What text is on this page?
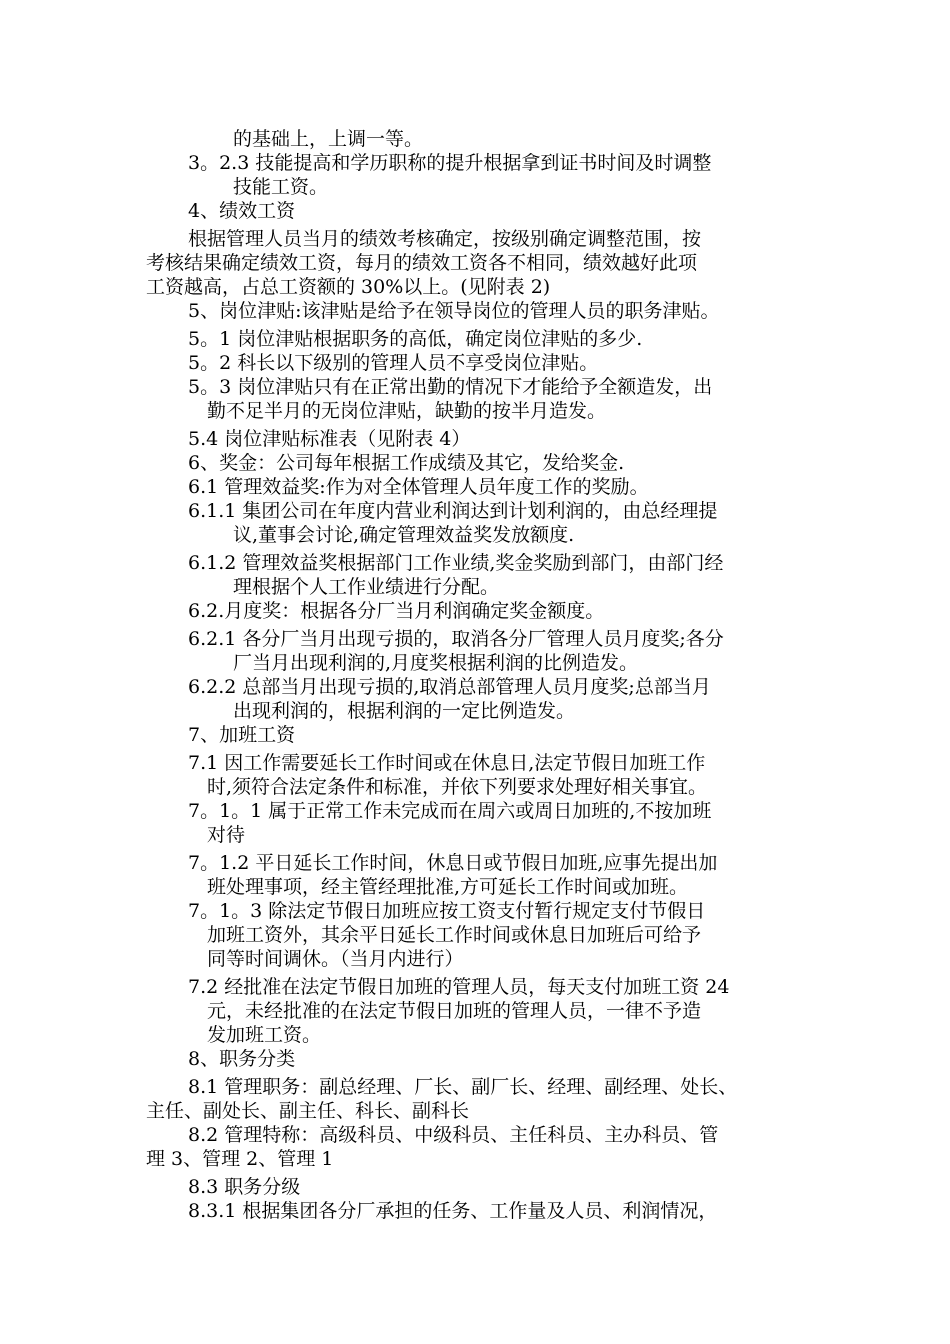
的基础上，上调一等。
3。2.3 技能提高和学历职称的提升根据拿到证书时间及时调整
技能工资。
4、绩效工资
根据管理人员当月的绩效考核确定，按级别确定调整范围，按
考核结果确定绩效工资，每月的绩效工资各不相同，绩效越好此项
工资越高，占总工资额的 30%以上。(见附表 2)
5、岗位津贴:该津贴是给予在领导岗位的管理人员的职务津贴。
5。1 岗位津贴根据职务的高低，确定岗位津贴的多少.
5。2 科长以下级别的管理人员不享受岗位津贴。
5。3 岗位津贴只有在正常出勤的情况下才能给予全额造发，出
勤不足半月的无岗位津贴，缺勤的按半月造发。
5.4 岗位津贴标准表（见附表 4）
6、奖金：公司每年根据工作成绩及其它，发给奖金.
6.1 管理效益奖:作为对全体管理人员年度工作的奖励。
6.1.1 集团公司在年度内营业利润达到计划利润的，由总经理提
议,董事会讨论,确定管理效益奖发放额度.
6.1.2 管理效益奖根据部门工作业绩,奖金奖励到部门，由部门经
理根据个人工作业绩进行分配。
6.2.月度奖：根据各分厂当月利润确定奖金额度。
6.2.1 各分厂当月出现亏损的，取消各分厂管理人员月度奖;各分
厂当月出现利润的,月度奖根据利润的比例造发。
6.2.2 总部当月出现亏损的,取消总部管理人员月度奖;总部当月
出现利润的，根据利润的一定比例造发。
7、加班工资
7.1 因工作需要延长工作时间或在休息日,法定节假日加班工作
时,须符合法定条件和标准，并依下列要求处理好相关事宜。
7。1。1 属于正常工作未完成而在周六或周日加班的,不按加班
对待
7。1.2 平日延长工作时间，休息日或节假日加班,应事先提出加
班处理事项，经主管经理批准,方可延长工作时间或加班。
7。1。3 除法定节假日加班应按工资支付暂行规定支付节假日
加班工资外，其余平日延长工作时间或休息日加班后可给予
同等时间调休。（当月内进行）
7.2 经批准在法定节假日加班的管理人员，每天支付加班工资 24
元，未经批准的在法定节假日加班的管理人员，一律不予造
发加班工资。
8、职务分类
8.1 管理职务：副总经理、厂长、副厂长、经理、副经理、处长、
主任、副处长、副主任、科长、副科长
8.2 管理特称：高级科员、中级科员、主任科员、主办科员、管
理 3、管理 2、管理 1
8.3 职务分级
8.3.1 根据集团各分厂承担的任务、工作量及人员、利润情况，
